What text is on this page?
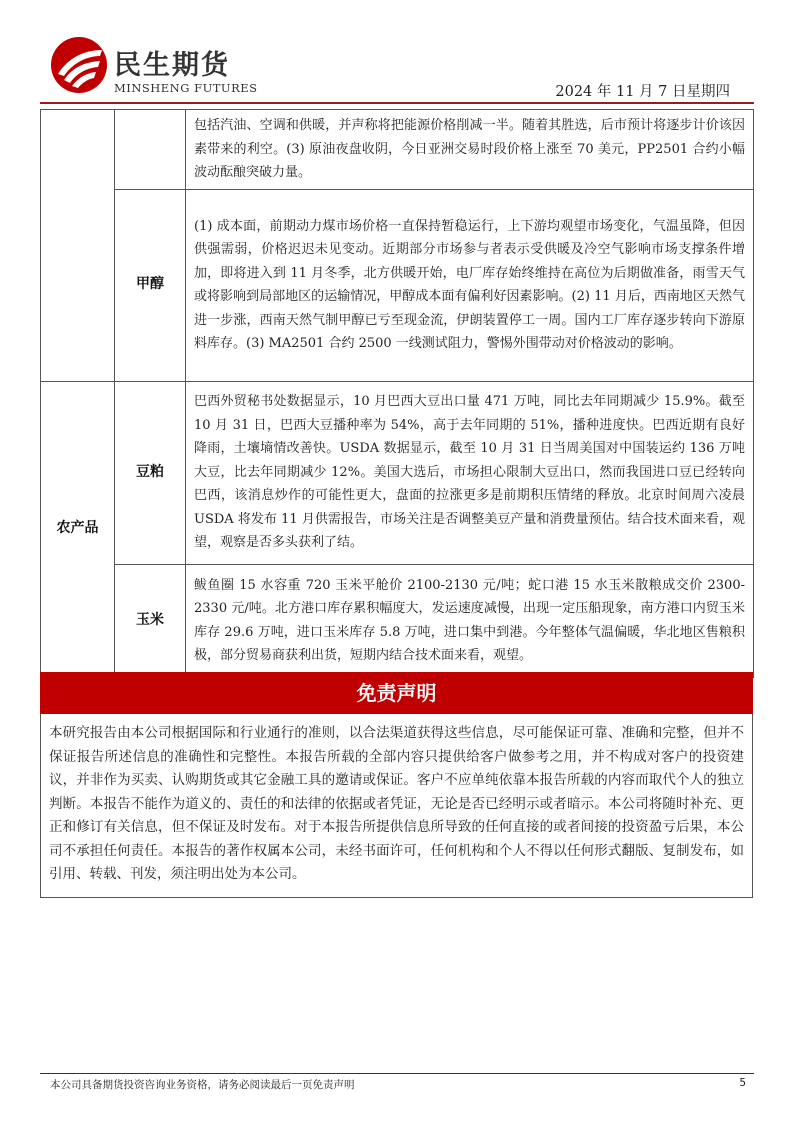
民生期货
MINSHENG FUTURES	2024 年 11 月 7 日星期四
		包括汽油、空调和供暖，并声称将把能源价格削减一半。随着其胜选，后市预计将逐步计价该因素带来的利空。(3) 原油夜盘收阴，今日亚洲交易时段价格上涨至 70 美元，PP2501 合约小幅波动酝酿突破力量。
	甲醇	(1) 成本面，前期动力煤市场价格一直保持暂稳运行，上下游均观望市场变化，气温虽降，但因供强需弱，价格迟迟未见变动。近期部分市场参与者表示受供暖及冷空气影响市场支撑条件增加，即将进入到 11 月冬季，北方供暖开始，电厂库存始终维持在高位为后期做准备，雨雪天气或将影响到局部地区的运输情况，甲醇成本面有偏利好因素影响。(2) 11 月后，西南地区天然气进一步涨，西南天然气制甲醇已亏至现金流，伊朗装置停工一周。国内工厂库存逐步转向下游原料库存。(3) MA2501 合约 2500 一线测试阻力，警惕外围带动对价格波动的影响。
农产品	豆粕	巴西外贸秘书处数据显示，10 月巴西大豆出口量 471 万吨，同比去年同期减少 15.9%。截至 10 月 31 日，巴西大豆播种率为 54%，高于去年同期的 51%，播种进度快。巴西近期有良好降雨，土壤墒情改善快。USDA 数据显示，截至 10 月 31 日当周美国对中国装运约 136 万吨大豆，比去年同期减少 12%。美国大选后，市场担心限制大豆出口，然而我国进口豆已经转向巴西，该消息炒作的可能性更大，盘面的拉涨更多是前期积压情绪的释放。北京时间周六凌晨 USDA 将发布 11 月供需报告，市场关注是否调整美豆产量和消费量预估。结合技术面来看，观望，观察是否多头获利了结。
	玉米	鲅鱼圈 15 水容重 720 玉米平舱价 2100-2130 元/吨；蛇口港 15 水玉米散粮成交价 2300-2330 元/吨。北方港口库存累积幅度大，发运速度减慢，出现一定压船现象，南方港口内贸玉米库存 29.6 万吨，进口玉米库存 5.8 万吨，进口集中到港。今年整体气温偏暖，华北地区售粮积极，部分贸易商获利出货，短期内结合技术面来看，观望。
免责声明
本研究报告由本公司根据国际和行业通行的准则，以合法渠道获得这些信息，尽可能保证可靠、准确和完整，但并不保证报告所述信息的准确性和完整性。本报告所载的全部内容只提供给客户做参考之用，并不构成对客户的投资建议，并非作为买卖、认购期货或其它金融工具的邀请或保证。客户不应单纯依靠本报告所载的内容而取代个人的独立判断。本报告不能作为道义的、责任的和法律的依据或者凭证，无论是否已经明示或者暗示。本公司将随时补充、更正和修订有关信息，但不保证及时发布。对于本报告所提供信息所导致的任何直接的或者间接的投资盈亏后果，本公司不承担任何责任。本报告的著作权属本公司，未经书面许可，任何机构和个人不得以任何形式翻版、复制发布，如引用、转载、刊发，须注明出处为本公司。
本公司具备期货投资咨询业务资格，请务必阅读最后一页免责声明	5
